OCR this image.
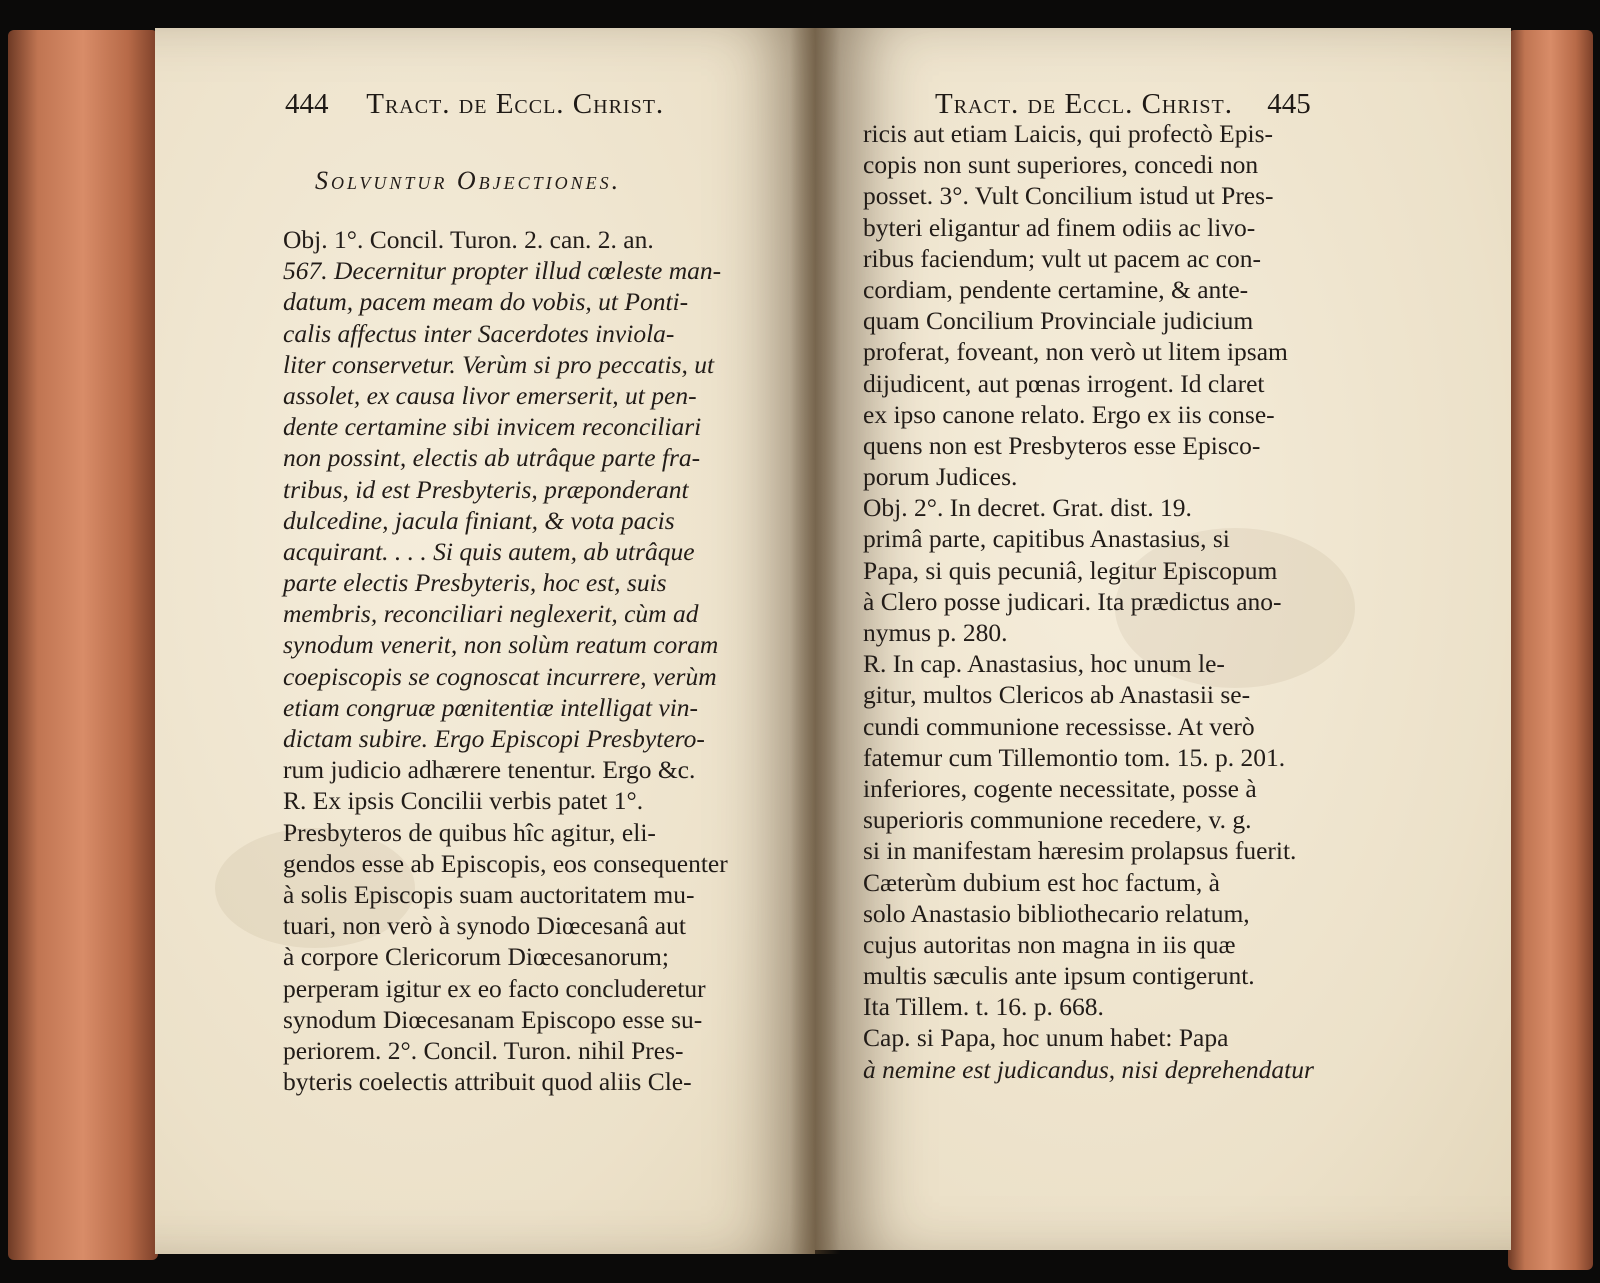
444 Tract. de Eccl. Christ.
Solvuntur Objectiones.
Obj. 1°. Concil. Turon. 2. can. 2. an.
567. Decernitur propter illud cœleste man-
datum, pacem meam do vobis, ut Ponti-
calis affectus inter Sacerdotes inviola-
liter conservetur. Verùm si pro peccatis, ut
assolet, ex causa livor emerserit, ut pen-
dente certamine sibi invicem reconciliari
non possint, electis ab utrâque parte fra-
tribus, id est Presbyteris, præponderant
dulcedine, jacula finiant, & vota pacis
acquirant. . . . Si quis autem, ab utrâque
parte electis Presbyteris, hoc est, suis
membris, reconciliari neglexerit, cùm ad
synodum venerit, non solùm reatum coram
coepiscopis se cognoscat incurrere, verùm
etiam congruæ pœnitentiæ intelligat vin-
dictam subire. Ergo Episcopi Presbytero-
rum judicio adhærere tenentur. Ergo &c.
R. Ex ipsis Concilii verbis patet 1°.
Presbyteros de quibus hîc agitur, eli-
gendos esse ab Episcopis, eos consequenter
à solis Episcopis suam auctoritatem mu-
tuari, non verò à synodo Diœcesanâ aut
à corpore Clericorum Diœcesanorum;
perperam igitur ex eo facto concluderetur
synodum Diœcesanam Episcopo esse su-
periorem. 2°. Concil. Turon. nihil Pres-
byteris coelectis attribuit quod aliis Cle-
Tract. de Eccl. Christ. 445
ricis aut etiam Laicis, qui profectò Epis-
copis non sunt superiores, concedi non
posset. 3°. Vult Concilium istud ut Pres-
byteri eligantur ad finem odiis ac livo-
ribus faciendum; vult ut pacem ac con-
cordiam, pendente certamine, & ante-
quam Concilium Provinciale judicium
proferat, foveant, non verò ut litem ipsam
dijudicent, aut pœnas irrogent. Id claret
ex ipso canone relato. Ergo ex iis conse-
quens non est Presbyteros esse Episco-
porum Judices.
Obj. 2°. In decret. Grat. dist. 19.
primâ parte, capitibus Anastasius, si
Papa, si quis pecuniâ, legitur Episcopum
à Clero posse judicari. Ita prædictus ano-
nymus p. 280.
R. In cap. Anastasius, hoc unum le-
gitur, multos Clericos ab Anastasii se-
cundi communione recessisse. At verò
fatemur cum Tillemontio tom. 15. p. 201.
inferiores, cogente necessitate, posse à
superioris communione recedere, v. g.
si in manifestam hæresim prolapsus fuerit.
Cæterùm dubium est hoc factum, à
solo Anastasio bibliothecario relatum,
cujus autoritas non magna in iis quæ
multis sæculis ante ipsum contigerunt.
Ita Tillem. t. 16. p. 668.
Cap. si Papa, hoc unum habet: Papa
à nemine est judicandus, nisi deprehendatur
